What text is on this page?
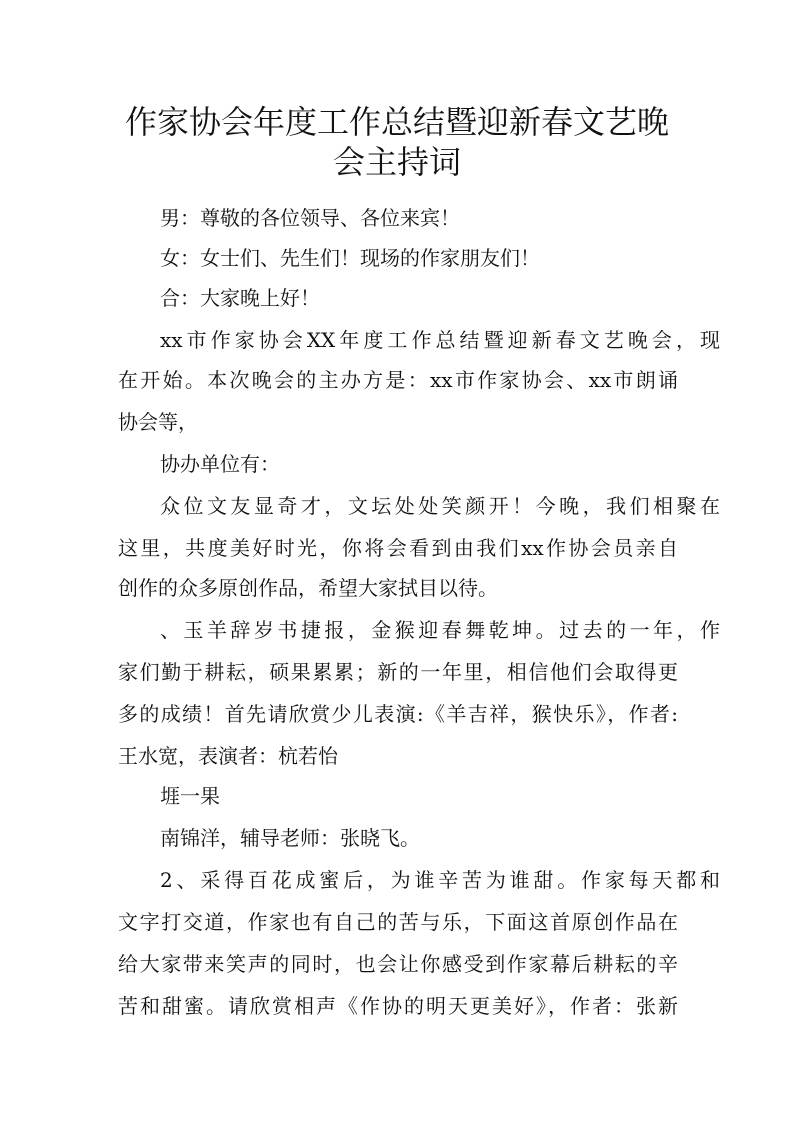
作家协会年度工作总结暨迎新春文艺晚
会主持词

男：尊敬的各位领导、各位来宾！

女：女士们、先生们！现场的作家朋友们！

合：大家晚上好！

xx市作家协会XX年度工作总结暨迎新春文艺晚会，现

在开始。本次晚会的主办方是：xx市作家协会、xx市朗诵

协会等，

协办单位有：

众位文友显奇才，文坛处处笑颜开！今晚，我们相聚在

这里，共度美好时光，你将会看到由我们xx作协会员亲自

创作的众多原创作品，希望大家拭目以待。

、玉羊辞岁书捷报，金猴迎春舞乾坤。过去的一年，作

家们勤于耕耘，硕果累累；新的一年里，相信他们会取得更

多的成绩！首先请欣赏少儿表演:《羊吉祥，猴快乐》，作者:

王水宽，表演者：杭若怡

堐一果

南锦洋，辅导老师：张晓飞。

2、采得百花成蜜后，为谁辛苦为谁甜。作家每天都和

文字打交道，作家也有自己的苦与乐，下面这首原创作品在

给大家带来笑声的同时，也会让你感受到作家幕后耕耘的辛

苦和甜蜜。请欣赏相声《作协的明天更美好》，作者：张新
